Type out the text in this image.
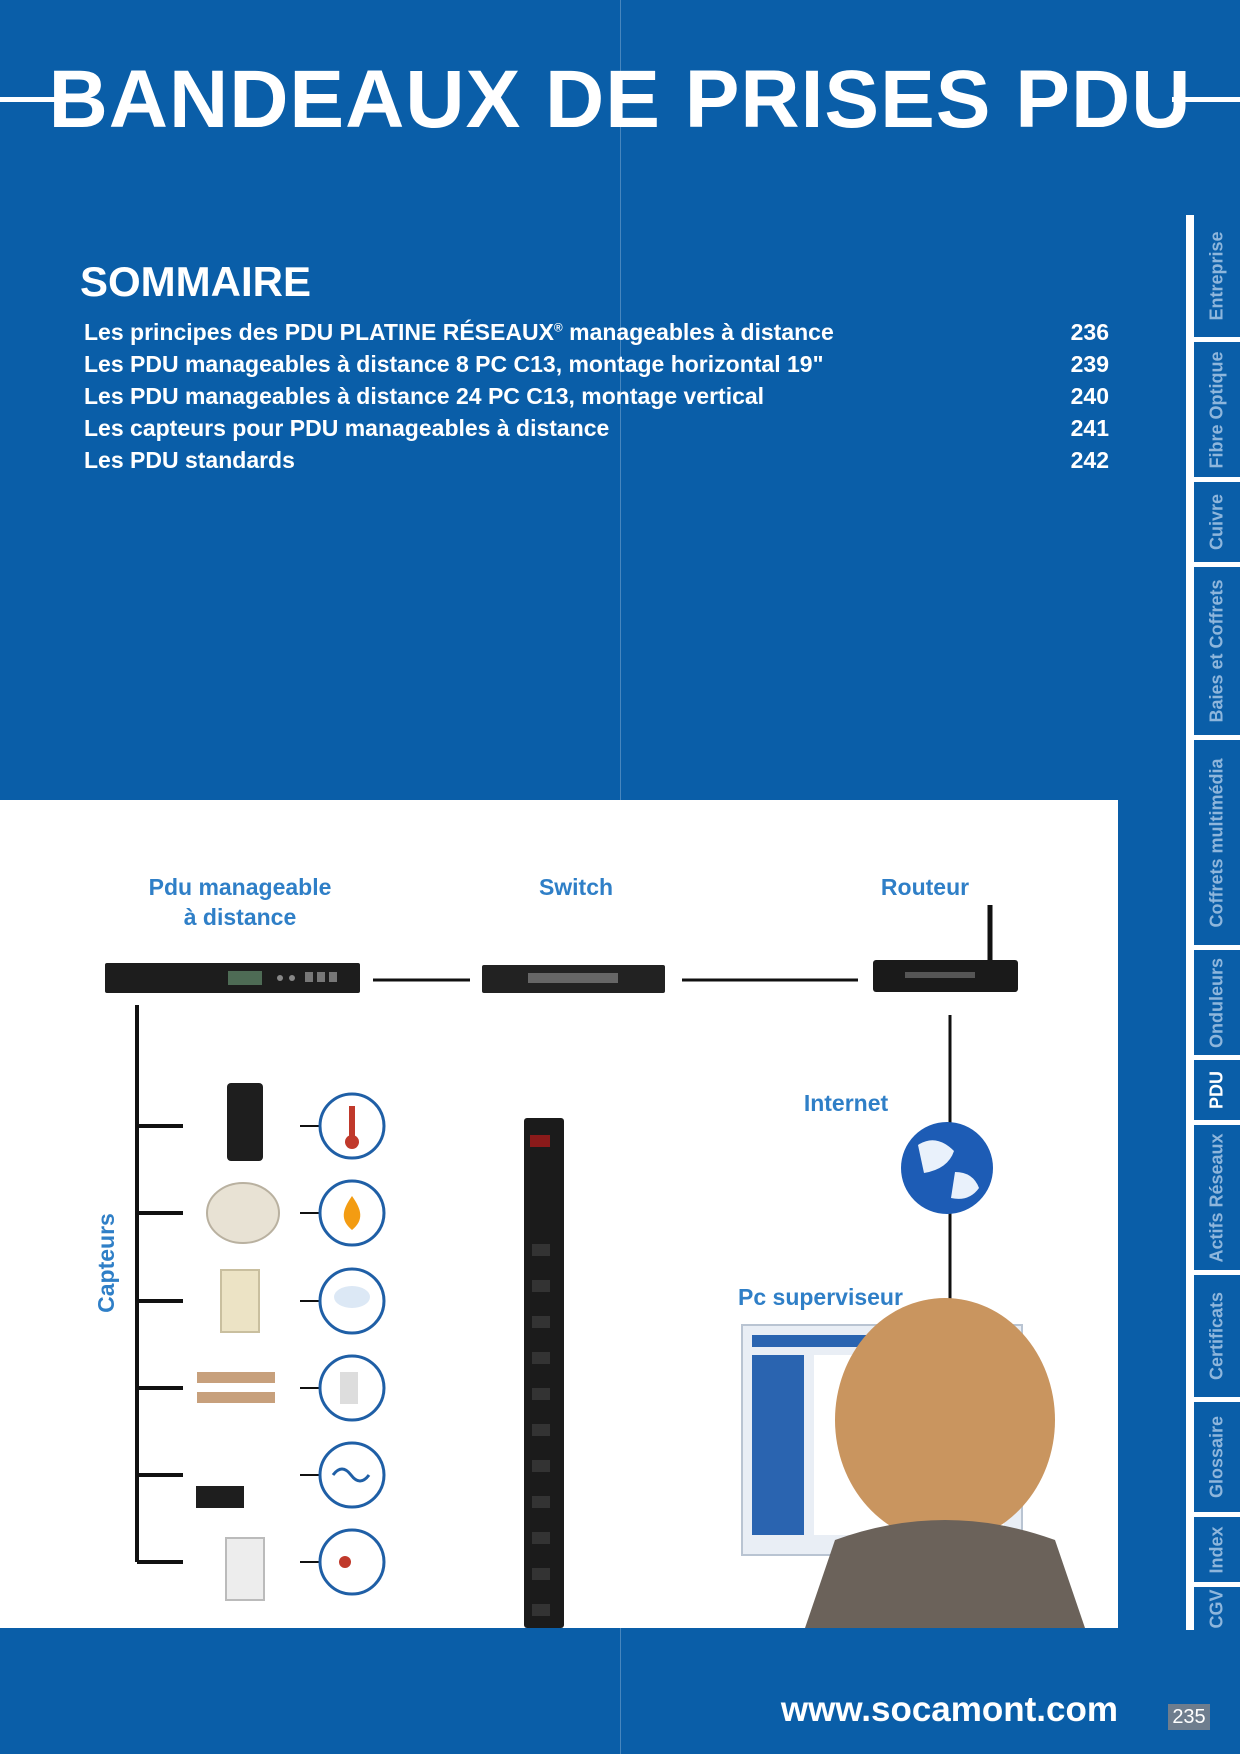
BANDEAUX DE PRISES PDU
SOMMAIRE
Les principes des PDU PLATINE RÉSEAUX® manageables à distance	236
Les PDU manageables à distance 8 PC C13, montage horizontal 19"	239
Les PDU manageables à distance 24 PC C13, montage vertical	240
Les capteurs pour PDU manageables à distance	241
Les PDU standards	242
Entreprise
Fibre Optique
Cuivre
Baies et Coffrets
Coffrets multimédia
Onduleurs
PDU
Actifs Réseaux
Certificats
Glossaire
Index
CGV
Pdu manageable
à distance
Switch	Routeur
Internet
Pc superviseur
Capteurs
www.socamont.com	235
